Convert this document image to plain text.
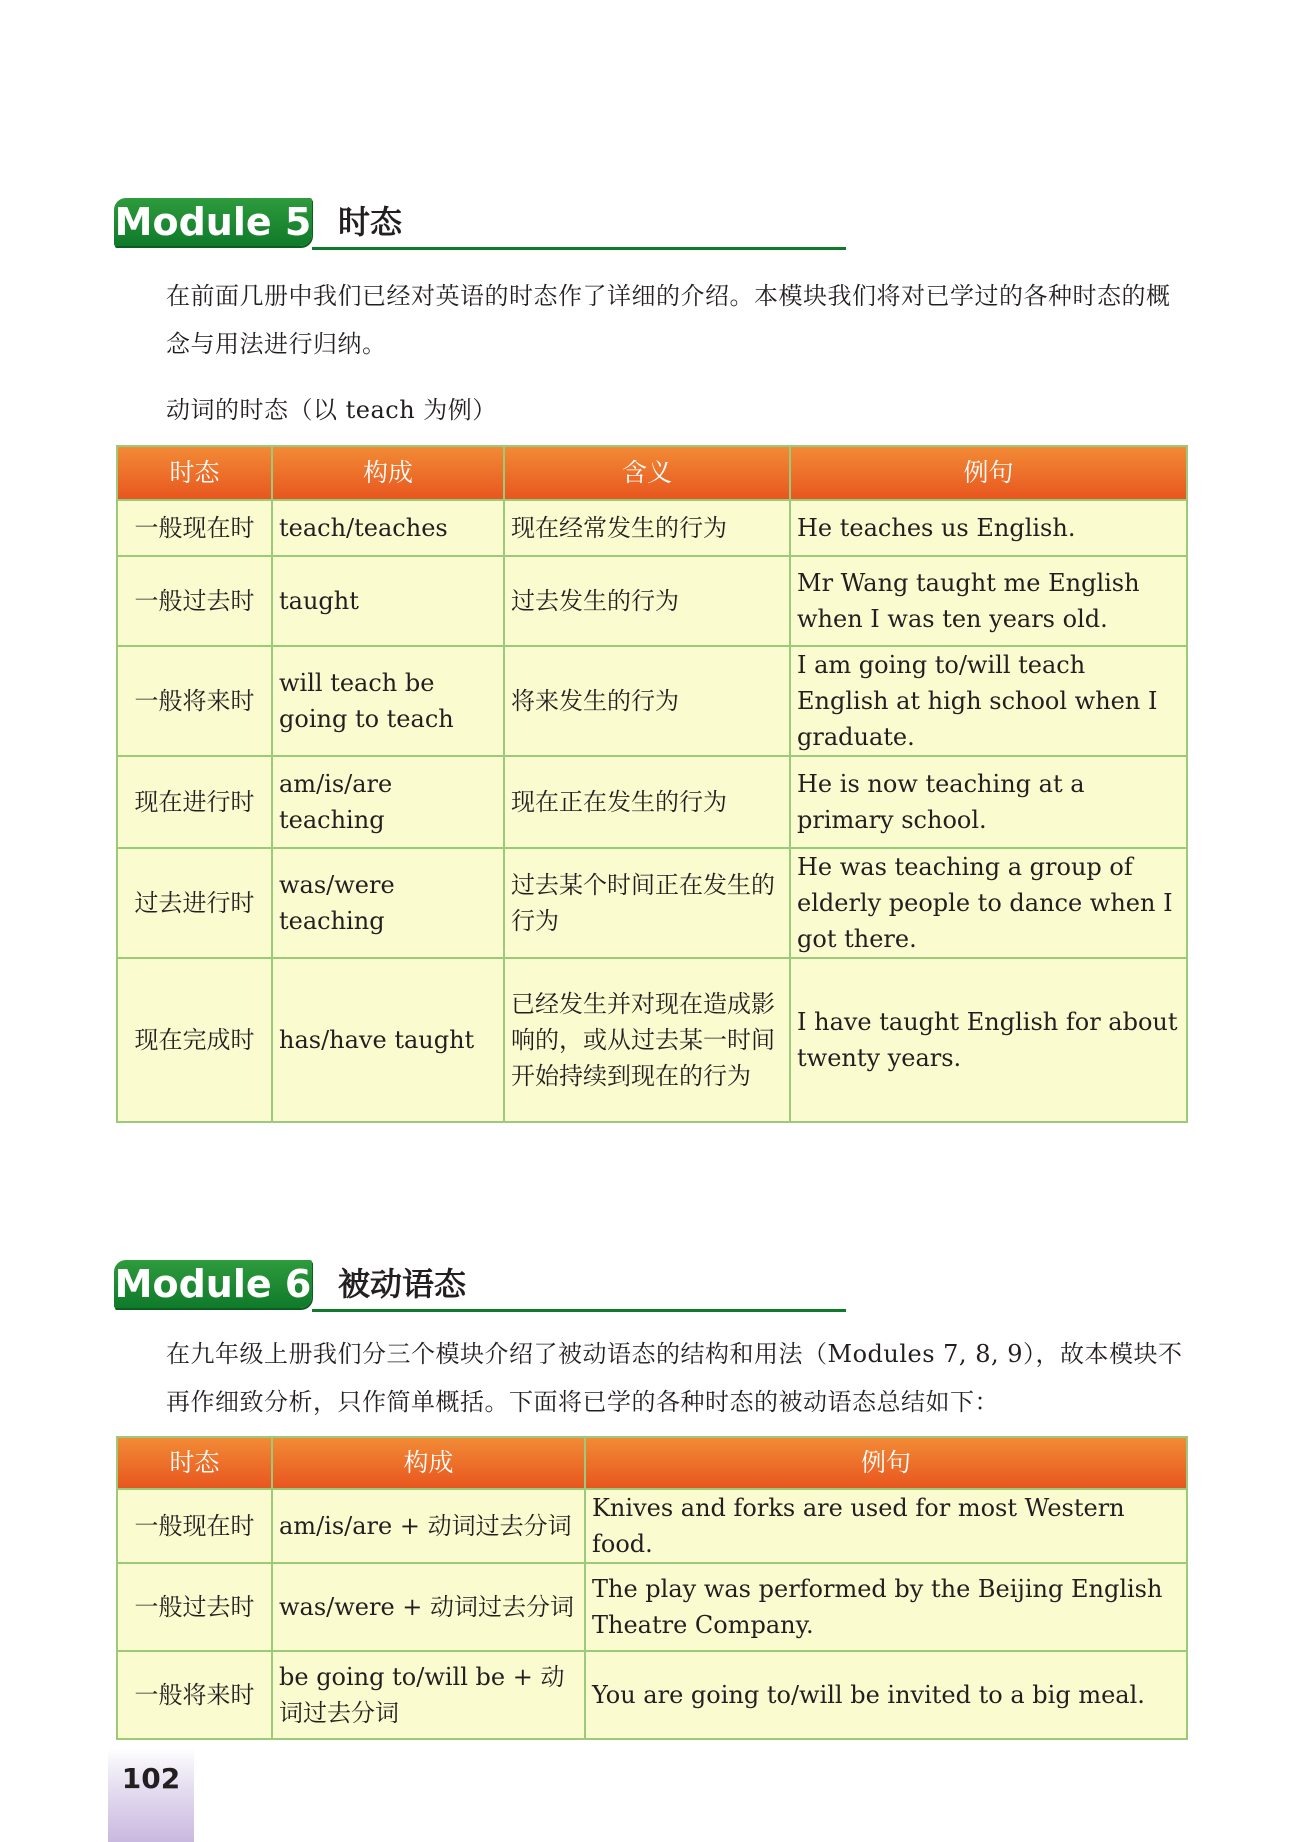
Module 5 时态
在前面几册中我们已经对英语的时态作了详细的介绍。本模块我们将对已学过的各种时态的概念与用法进行归纳。
动词的时态（以 teach 为例）
时态	构成	含义	例句
一般现在时	teach/teaches	现在经常发生的行为	He teaches us English.
一般过去时	taught	过去发生的行为	Mr Wang taught me English when I was ten years old.
一般将来时	will teach be going to teach	将来发生的行为	I am going to/will teach English at high school when I graduate.
现在进行时	am/is/are teaching	现在正在发生的行为	He is now teaching at a primary school.
过去进行时	was/were teaching	过去某个时间正在发生的行为	He was teaching a group of elderly people to dance when I got there.
现在完成时	has/have taught	已经发生并对现在造成影响的，或从过去某一时间开始持续到现在的行为	I have taught English for about twenty years.
Module 6 被动语态
在九年级上册我们分三个模块介绍了被动语态的结构和用法（Modules 7, 8, 9），故本模块不再作细致分析，只作简单概括。下面将已学的各种时态的被动语态总结如下：
时态	构成	例句
一般现在时	am/is/are + 动词过去分词	Knives and forks are used for most Western food.
一般过去时	was/were + 动词过去分词	The play was performed by the Beijing English Theatre Company.
一般将来时	be going to/will be + 动词过去分词	You are going to/will be invited to a big meal.
102
